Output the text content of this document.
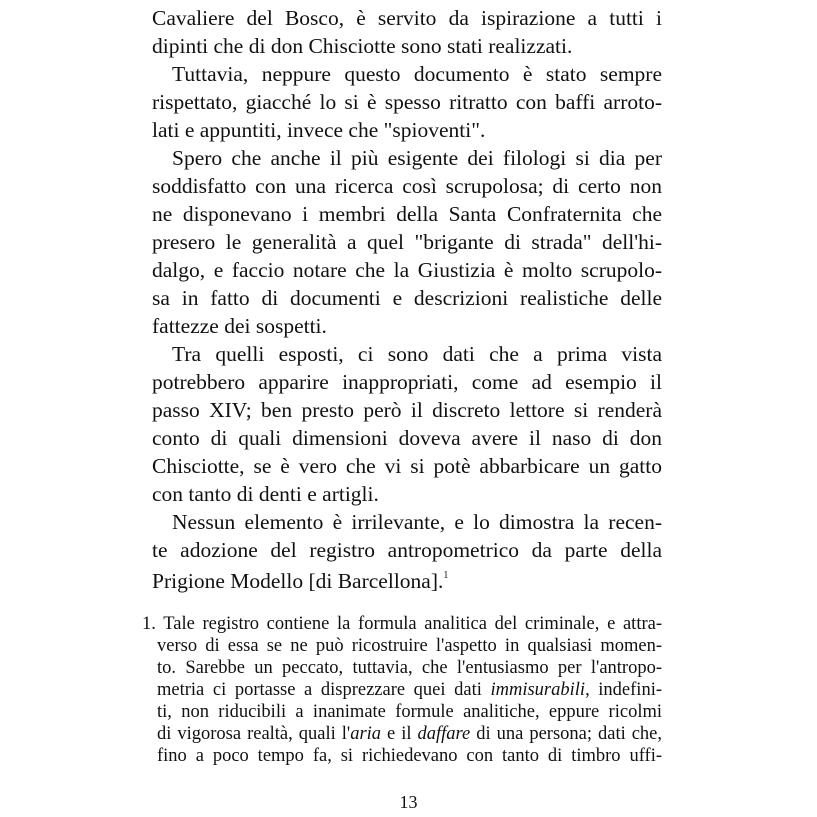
Cavaliere del Bosco, è servito da ispirazione a tutti i
dipinti che di don Chisciotte sono stati realizzati.
Tuttavia, neppure questo documento è stato sempre
rispettato, giacché lo si è spesso ritratto con baffi arroto-
lati e appuntiti, invece che "spioventi".
Spero che anche il più esigente dei filologi si dia per
soddisfatto con una ricerca così scrupolosa; di certo non
ne disponevano i membri della Santa Confraternita che
presero le generalità a quel "brigante di strada" dell'hi-
dalgo, e faccio notare che la Giustizia è molto scrupolo-
sa in fatto di documenti e descrizioni realistiche delle
fattezze dei sospetti.
Tra quelli esposti, ci sono dati che a prima vista
potrebbero apparire inappropriati, come ad esempio il
passo XIV; ben presto però il discreto lettore si renderà
conto di quali dimensioni doveva avere il naso di don
Chisciotte, se è vero che vi si potè abbarbicare un gatto
con tanto di denti e artigli.
Nessun elemento è irrilevante, e lo dimostra la recen-
te adozione del registro antropometrico da parte della
Prigione Modello [di Barcellona].$^1$
1. Tale registro contiene la formula analitica del criminale, e attra-
verso di essa se ne può ricostruire l'aspetto in qualsiasi momen-
to. Sarebbe un peccato, tuttavia, che l'entusiasmo per l'antropo-
metria ci portasse a disprezzare quei dati immisurabili, indefini-
ti, non riducibili a inanimate formule analitiche, eppure ricolmi
di vigorosa realtà, quali l'aria e il daffare di una persona; dati che,
fino a poco tempo fa, si richiedevano con tanto di timbro uffi-
13
